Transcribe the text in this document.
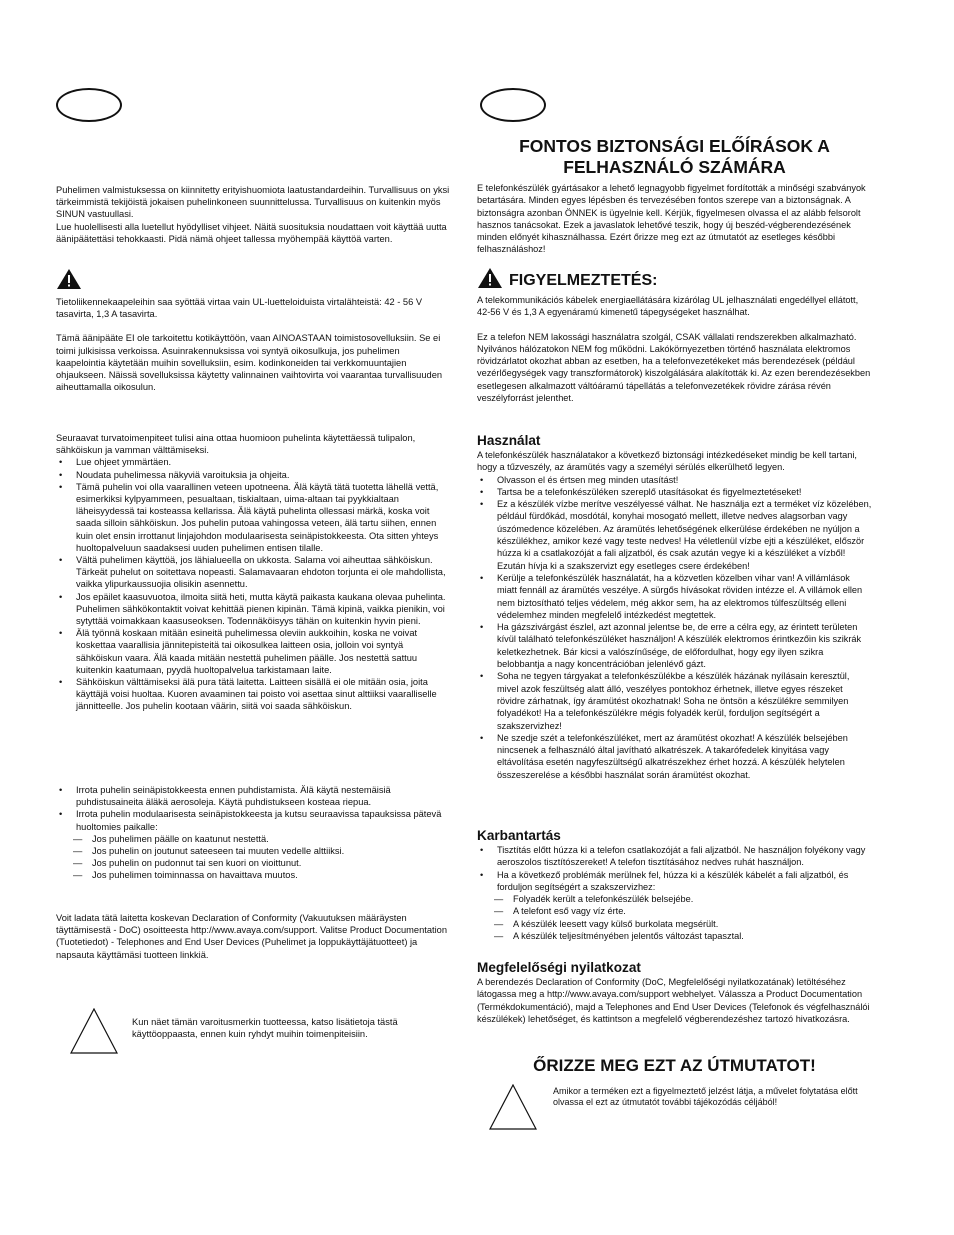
Puhelimen valmistuksessa on kiinnitetty erityishuomiota laatustandardeihin. Turvallisuus on yksi tärkeimmistä tekijöistä jokaisen puhelinkoneen suunnittelussa. Turvallisuus on kuitenkin myös SINUN vastuullasi.

Lue huolellisesti alla luetellut hyödylliset vihjeet. Näitä suosituksia noudattaen voit käyttää uutta äänipäätettäsi tehokkaasti. Pidä nämä ohjeet tallessa myöhempää käyttöä varten.

Tietoliikennekaapeleihin saa syöttää virtaa vain UL-luetteloiduista virtalähteistä: 42 - 56 V tasavirta, 1,3 A tasavirta.

Tämä äänipääte EI ole tarkoitettu kotikäyttöön, vaan AINOASTAAN toimistosovelluksiin. Se ei toimi julkisissa verkoissa. Asuinrakennuksissa voi syntyä oikosulkuja, jos puhelimen kaapelointia käytetään muihin sovelluksiin, esim. kodinkoneiden tai verkkomuuntajien ohjaukseen. Näissä sovelluksissa käytetty valinnainen vaihtovirta voi vaarantaa turvallisuuden aiheuttamalla oikosulun.

Seuraavat turvatoimenpiteet tulisi aina ottaa huomioon puhelinta käytettäessä tulipalon, sähköiskun ja vamman välttämiseksi.

• Lue ohjeet ymmärtäen.
• Noudata puhelimessa näkyviä varoituksia ja ohjeita.
• Tämä puhelin voi olla vaarallinen veteen upotneena. Älä käytä tätä tuotetta lähellä vettä, esimerkiksi kylpyammeen, pesualtaan, tiskialtaan, uima-altaan tai pyykkialtaan läheisyydessä tai kosteassa kellarissa. Älä käytä puhelinta ollessasi märkä, koska voit saada silloin sähköiskun. Jos puhelin putoaa vahingossa veteen, älä tartu siihen, ennen kuin olet ensin irrottanut linjajohdon modulaarisesta seinäpistokkeesta. Ota sitten yhteys huoltopalveluun saadaksesi uuden puhelimen entisen tilalle.
• Vältä puhelimen käyttöä, jos lähialueella on ukkosta. Salama voi aiheuttaa sähköiskun. Tärkeät puhelut on soitettava nopeasti. Salamavaaran ehdoton torjunta ei ole mahdollista, vaikka ylipurkaussuojia olisikin asennettu.
• Jos epäilet kaasuvuotoa, ilmoita siitä heti, mutta käytä paikasta kaukana olevaa puhelinta. Puhelimen sähkökontaktit voivat kehittää pienen kipinän. Tämä kipinä, vaikka pienikin, voi sytyttää voimakkaan kaasuseoksen. Todennäköisyys tähän on kuitenkin hyvin pieni.
• Älä työnnä koskaan mitään esineitä puhelimessa oleviin aukkoihin, koska ne voivat koskettaa vaarallisia jännitepisteitä tai oikosulkea laitteen osia, jolloin voi syntyä sähköiskun vaara. Älä kaada mitään nestettä puhelimen päälle. Jos nestettä sattuu kuitenkin kaatumaan, pyydä huoltopalvelua tarkistamaan laite.
• Sähköiskun välttämiseksi älä pura tätä laitetta. Laitteen sisällä ei ole mitään osia, joita käyttäjä voisi huoltaa. Kuoren avaaminen tai poisto voi asettaa sinut alttiiksi vaaralliselle jännitteelle. Jos puhelin kootaan väärin, siitä voi saada sähköiskun.
• Irrota puhelin seinäpistokkeesta ennen puhdistamista. Älä käytä nestemäisiä puhdistusaineita äläkä aerosoleja. Käytä puhdistukseen kosteaa riepua.
• Irrota puhelin modulaarisesta seinäpistokkeesta ja kutsu seuraavissa tapauksissa pätevä huoltomies paikalle:
— Jos puhelimen päälle on kaatunut nestettä.
— Jos puhelin on joutunut sateeseen tai muuten vedelle alttiiksi.
— Jos puhelin on pudonnut tai sen kuori on vioittunut.
— Jos puhelimen toiminnassa on havaittava muutos.

Voit ladata tätä laitetta koskevan Declaration of Conformity (Vakuutuksen määräysten täyttämisestä - DoC) osoitteesta http://www.avaya.com/support. Valitse Product Documentation (Tuotetiedot) - Telephones and End User Devices (Puhelimet ja loppukäyttäjätuotteet) ja napsauta käyttämäsi tuotteen linkkiä.

Kun näet tämän varoitusmerkin tuotteessa, katso lisätietoja tästä käyttöoppaasta, ennen kuin ryhdyt muihin toimenpiteisiin.
FONTOS BIZTONSÁGI ELŐÍRÁSOK A FELHASZNÁLÓ SZÁMÁRA

E telefonkészülék gyártásakor a lehető legnagyobb figyelmet fordították a minőségi szabványok betartására. Minden egyes lépésben és tervezésében fontos szerepe van a biztonságnak. A biztonságra azonban ÖNNEK is ügyelnie kell. Kérjük, figyelmesen olvassa el az alább felsorolt hasznos tanácsokat. Ezek a javaslatok lehetővé teszik, hogy új beszéd-végberendezésének minden előnyét kihasználhassa. Ezért őrizze meg ezt az útmutatót az esetleges későbbi felhasználáshoz!

FIGYELMEZTETÉS:

A telekommunikációs kábelek energiaellátására kizárólag UL jelhasználati engedéllyel ellátott, 42-56 V és 1,3 A egyenáramú kimenetű tápegységeket használhat.

Ez a telefon NEM lakossági használatra szolgál, CSAK vállalati rendszerekben alkalmazható. Nyilvános hálózatokon NEM fog működni. Lakókörnyezetben történő használata elektromos rövidzárlatot okozhat abban az esetben, ha a telefonvezetékeket más berendezések (például vezérlőegységek vagy transzformátorok) kiszolgálására alakították ki. Az ezen berendezésekben esetlegesen alkalmazott váltóáramú tápellátás a telefonvezetékek rövidre zárása révén veszélyforrást jelenthet.

Használat

A telefonkészülék használatakor a következő biztonsági intézkedéseket mindig be kell tartani, hogy a tűzveszély, az áramütés vagy a személyi sérülés elkerülhető legyen.

• Olvasson el és értsen meg minden utasítást!
• Tartsa be a telefonkészüléken szereplő utasításokat és figyelmeztetéseket!
• Ez a készülék vízbe merítve veszélyessé válhat. Ne használja ezt a terméket víz közelében, például fürdőkád, mosdótál, konyhai mosogató mellett, illetve nedves alagsorban vagy úszómedence közelében. Az áramütés lehetőségének elkerülése érdekében ne nyúljon a készülékhez, amikor kezé vagy teste nedves! Ha véletlenül vízbe ejti a készüléket, először húzza ki a csatlakozóját a fali aljzatból, és csak azután vegye ki a készüléket a vízből! Ezután hívja ki a szakszervizt egy esetleges csere érdekében!
• Kerülje a telefonkészülék használatát, ha a közvetlen közelben vihar van! A villámlások miatt fennáll az áramütés veszélye. A sürgős hívásokat röviden intézze el. A villámok ellen nem biztosítható teljes védelem, még akkor sem, ha az elektromos túlfeszültség elleni védelemhez minden megfelelő intézkedést megtettek.
• Ha gázszivárgást észlel, azt azonnal jelentse be, de erre a célra egy, az érintett területen kívül található telefonkészüléket használjon! A készülék elektromos érintkezőin kis szikrák keletkezhetnek. Bár kicsi a valószínűsége, de előfordulhat, hogy egy ilyen szikra belobbantja a nagy koncentrációban jelenlévő gázt.
• Soha ne tegyen tárgyakat a telefonkészülékbe a készülék házának nyílásain keresztül, mivel azok feszültség alatt álló, veszélyes pontokhoz érhetnek, illetve egyes részeket rövidre zárhatnak, így áramütést okozhatnak! Soha ne öntsön a készülékre semmilyen folyadékot! Ha a telefonkészülékre mégis folyadék kerül, forduljon segítségért a szakszervizhez!
• Ne szedje szét a telefonkészüléket, mert az áramütést okozhat! A készülék belsejében nincsenek a felhasználó által javítható alkatrészek. A takarófedelek kinyitása vagy eltávolítása esetén nagyfeszültségű alkatrészekhez érhet hozzá. A készülék helytelen összeszerelése a későbbi használat során áramütést okozhat.
Karbantartás
• Tisztítás előtt húzza ki a telefon csatlakozóját a fali aljzatból. Ne használjon folyékony vagy aeroszolos tisztítószereket! A telefon tisztításához nedves ruhát használjon.
• Ha a következő problémák merülnek fel, húzza ki a készülék kábelét a fali aljzatból, és forduljon segítségért a szakszervizhez:
— Folyadék került a telefonkészülék belsejébe.
— A telefont eső vagy víz érte.
— A készülék leesett vagy külső burkolata megsérült.
— A készülék teljesítményében jelentős változást tapasztal.
Megfelelőségi nyilatkozat

A berendezés Declaration of Conformity (DoC, Megfelelőségi nyilatkozatának) letöltéséhez látogassa meg a http://www.avaya.com/support webhelyet. Válassza a Product Documentation (Termékdokumentáció), majd a Telephones and End User Devices (Telefonok és végfelhasználói készülékek) lehetőséget, és kattintson a megfelelő végberendezéshez tartozó hivatkozásra.

ŐRIZZE MEG EZT AZ ÚTMUTATOT!
Amikor a terméken ezt a figyelmeztető jelzést látja, a művelet folytatása előtt olvassa el ezt az útmutatót további tájékozódás céljából!
